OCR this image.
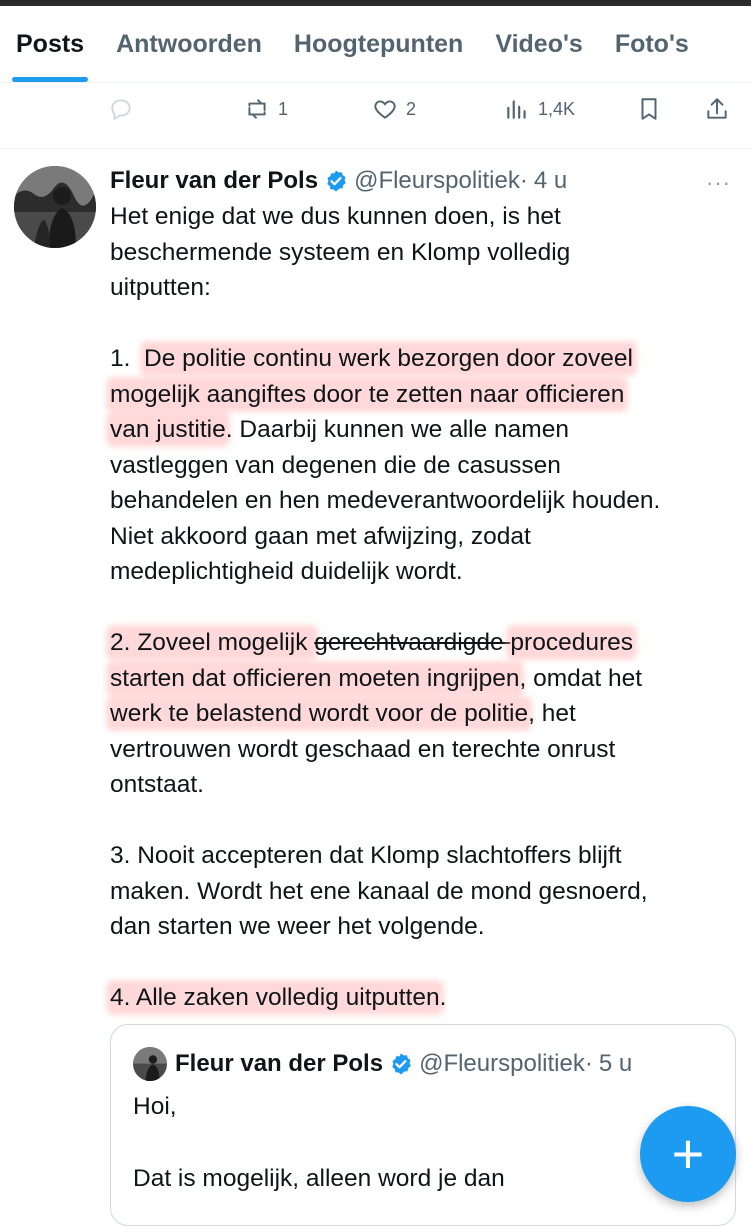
Posts	Antwoorden	Hoogtepunten	Video's	Foto's
1	2	1,4K
Fleur van der Pols @Fleurspolitiek · 4 u	···

Het enige dat we dus kunnen doen, is het

beschermende systeem en Klomp volledig

uitputten:

1.  De politie continu werk bezorgen door zoveel

mogelijk aangiftes door te zetten naar officieren

van justitie. Daarbij kunnen we alle namen

vastleggen van degenen die de casussen

behandelen en hen medeverantwoordelijk houden.

Niet akkoord gaan met afwijzing, zodat

medeplichtigheid duidelijk wordt.

2. Zoveel mogelijk gerechtvaardigde procedures

starten dat officieren moeten ingrijpen, omdat het

werk te belastend wordt voor de politie, het

vertrouwen wordt geschaad en terechte onrust

ontstaat.

3. Nooit accepteren dat Klomp slachtoffers blijft

maken. Wordt het ene kanaal de mond gesnoerd,

dan starten we weer het volgende.

4. Alle zaken volledig uitputten.

Fleur van der Pols @Fleurspolitiek · 5 u
Hoi,
Dat is mogelijk, alleen word je dan	+
